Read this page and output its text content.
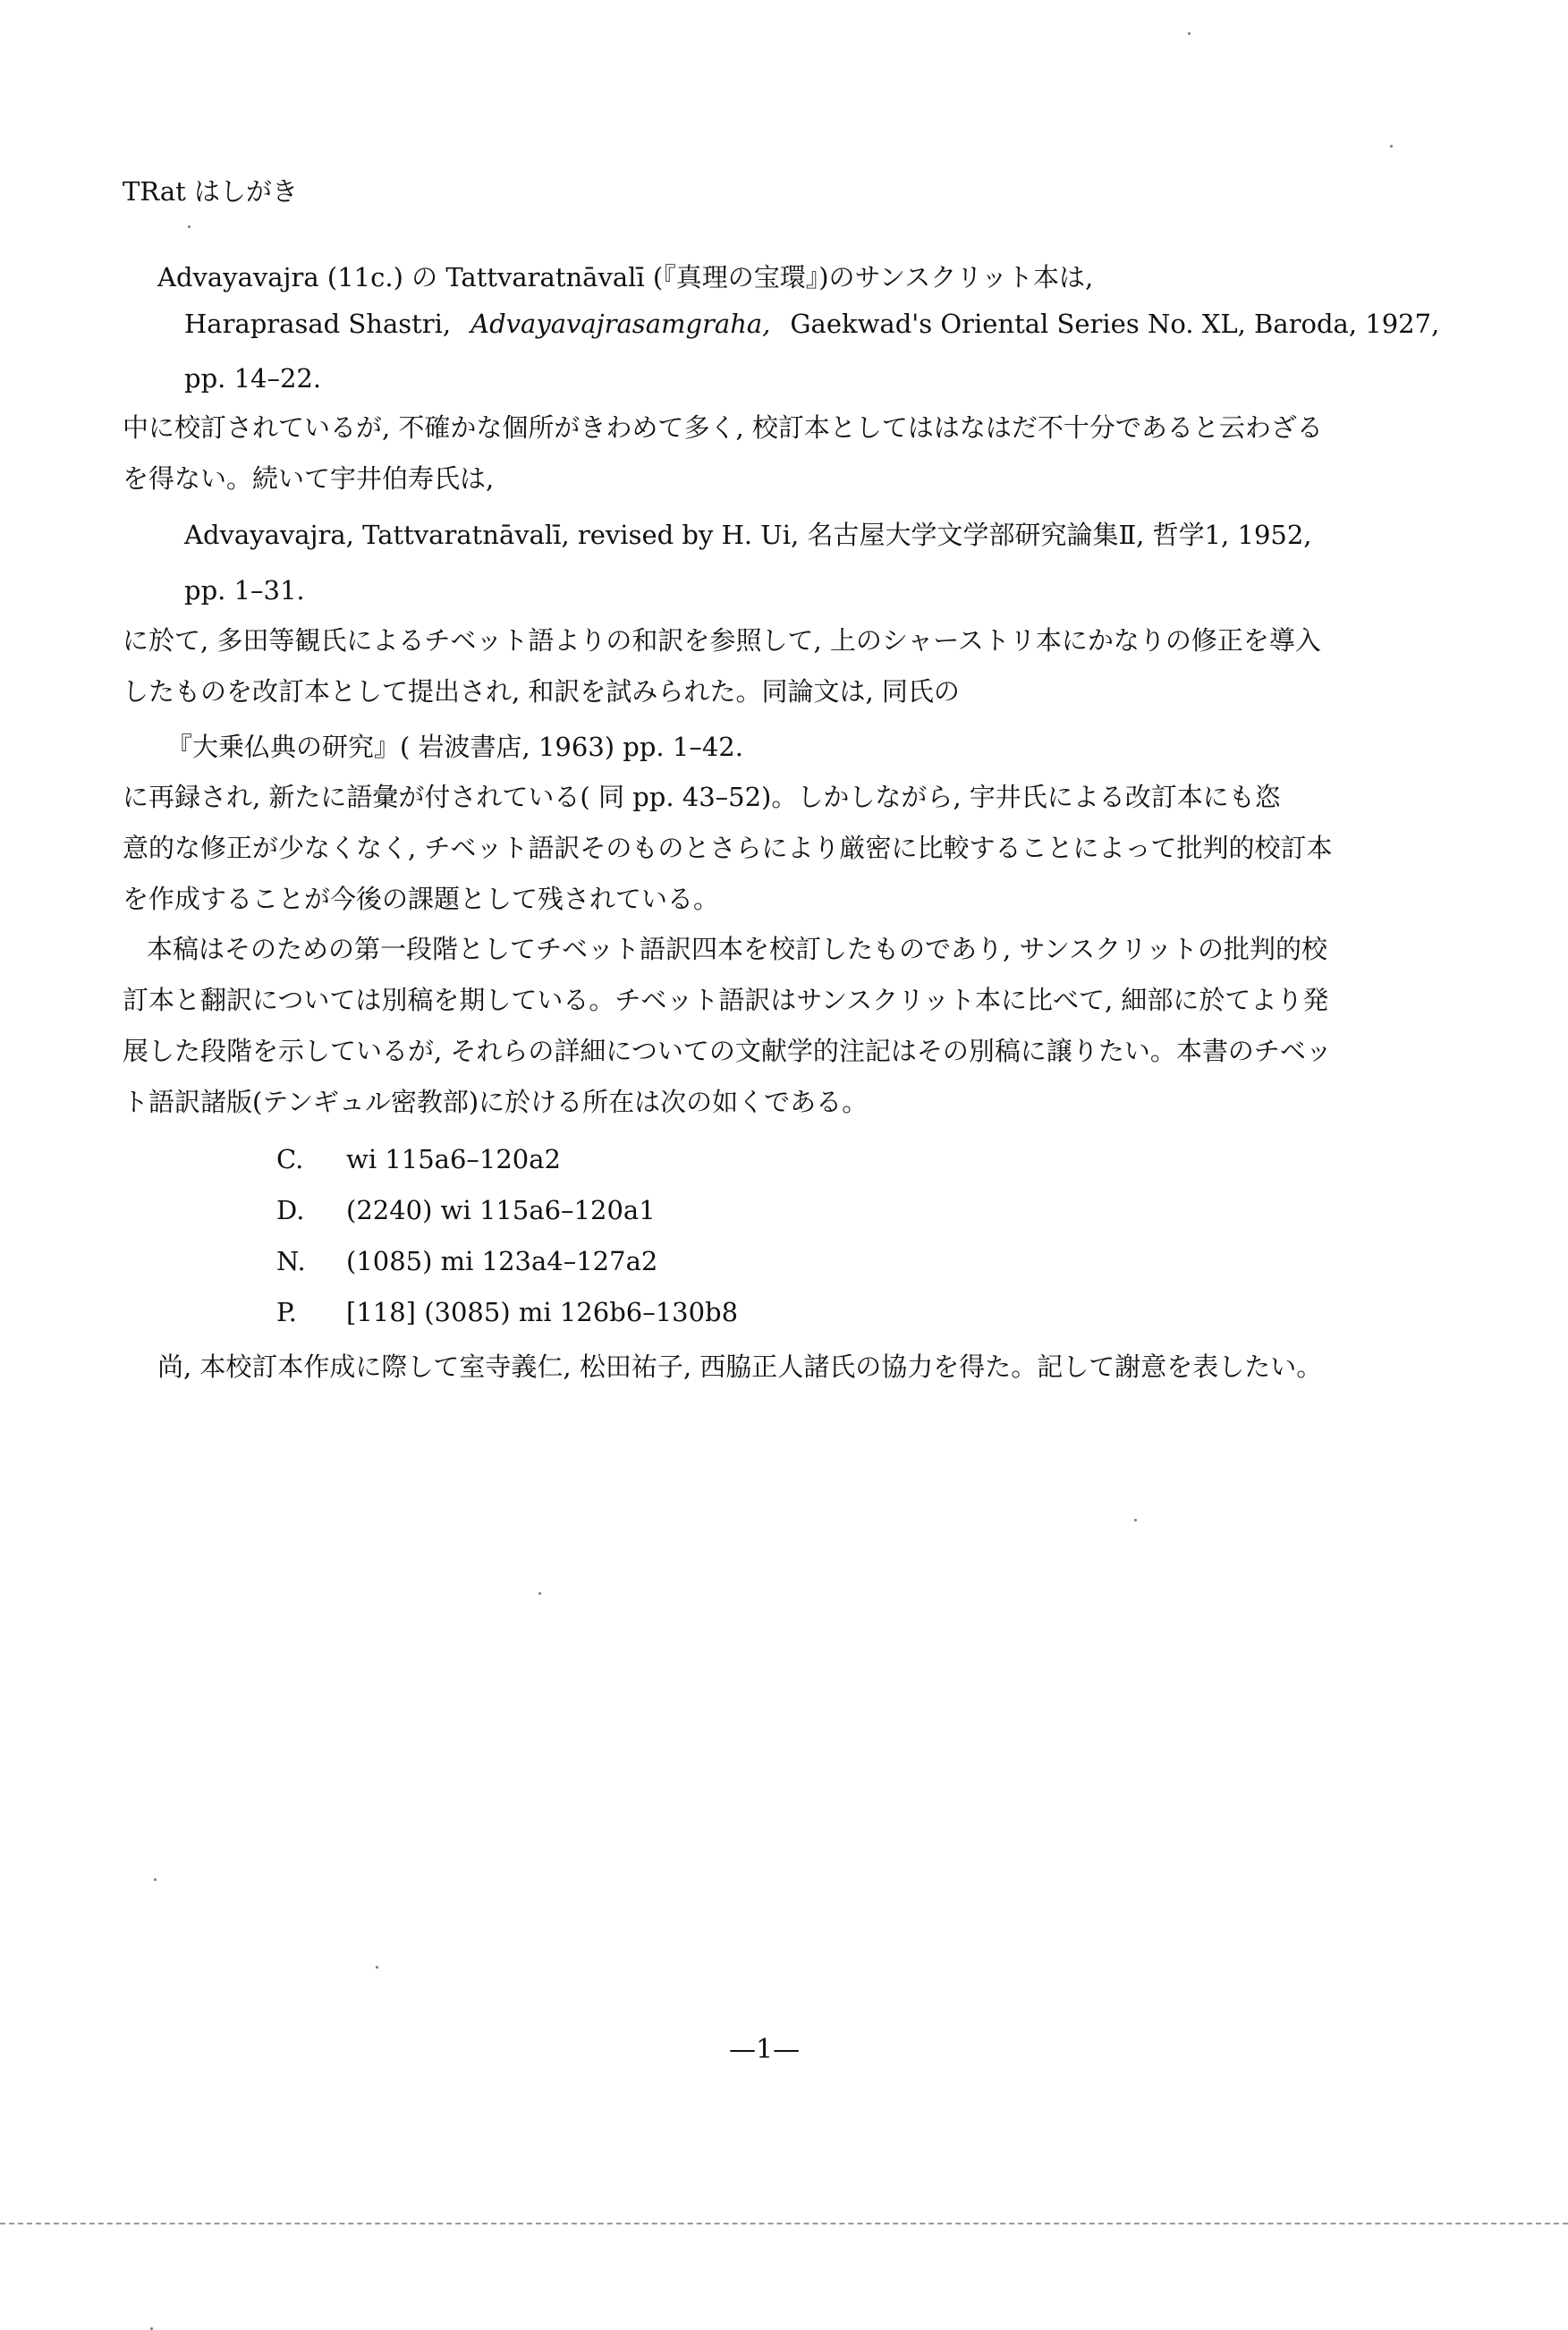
TRat はしがき
Advayavajra (11c.) の Tattvaratnāvalī (『真理の宝環』)のサンスクリット本は,
Haraprasad Shastri, Advayavajrasamgraha, Gaekwad's Oriental Series No. XL, Baroda, 1927,
pp. 14–22.
中に校訂されているが, 不確かな個所がきわめて多く, 校訂本としてははなはだ不十分であると云わざる
を得ない。続いて宇井伯寿氏は,
Advayavajra, Tattvaratnāvalī, revised by H. Ui, 名古屋大学文学部研究論集Ⅱ, 哲学1, 1952,
pp. 1–31.
に於て, 多田等観氏によるチベット語よりの和訳を参照して, 上のシャーストリ本にかなりの修正を導入
したものを改訂本として提出され, 和訳を試みられた。同論文は, 同氏の
『大乗仏典の研究』( 岩波書店, 1963) pp. 1–42.
に再録され, 新たに語彙が付されている( 同 pp. 43–52)。しかしながら, 宇井氏による改訂本にも恣
意的な修正が少なくなく, チベット語訳そのものとさらにより厳密に比較することによって批判的校訂本
を作成することが今後の課題として残されている。
本稿はそのための第一段階としてチベット語訳四本を校訂したものであり, サンスクリットの批判的校
訂本と翻訳については別稿を期している。チベット語訳はサンスクリット本に比べて, 細部に於てより発
展した段階を示しているが, それらの詳細についての文献学的注記はその別稿に譲りたい。本書のチベッ
ト語訳諸版(テンギュル密教部)に於ける所在は次の如くである。
C. wi 115a6–120a2
D. (2240) wi 115a6–120a1
N. (1085) mi 123a4–127a2
P. [118] (3085) mi 126b6–130b8
尚, 本校訂本作成に際して室寺義仁, 松田祐子, 西脇正人諸氏の協力を得た。記して謝意を表したい。
—1—
